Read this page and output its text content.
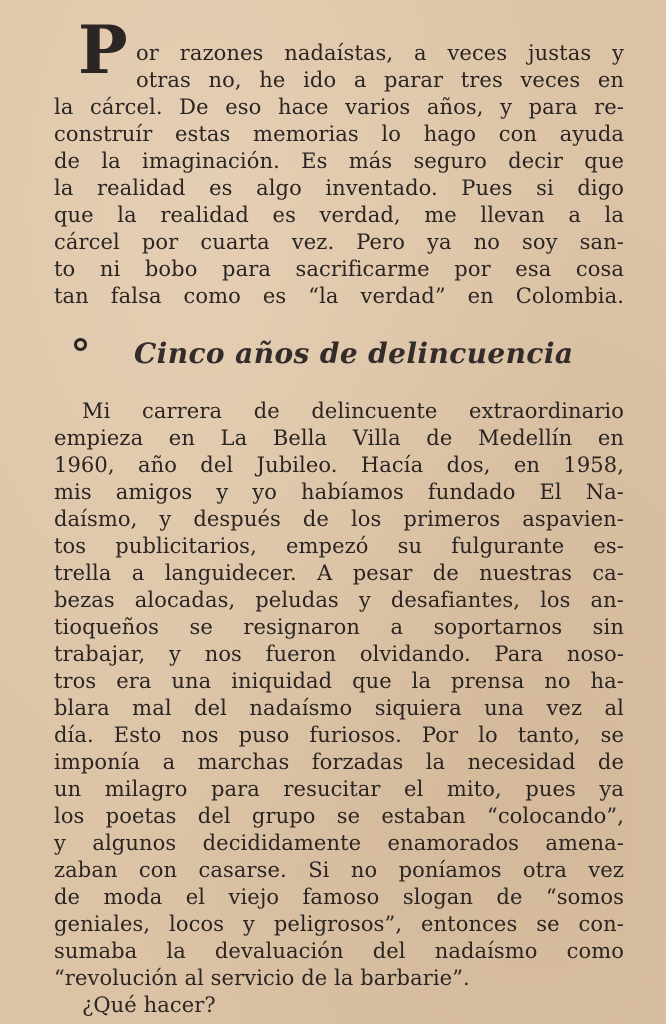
P or razones nadaístas, a veces justas y
otras no, he ido a parar tres veces en
la cárcel. De eso hace varios años, y para re-
construír estas memorias lo hago con ayuda
de la imaginación. Es más seguro decir que
la realidad es algo inventado. Pues si digo
que la realidad es verdad, me llevan a la
cárcel por cuarta vez. Pero ya no soy san-
to ni bobo para sacrificarme por esa cosa
tan falsa como es “la verdad” en Colombia.
Cinco años de delincuencia
Mi carrera de delincuente extraordinario
empieza en La Bella Villa de Medellín en
1960, año del Jubileo. Hacía dos, en 1958,
mis amigos y yo habíamos fundado El Na-
daísmo, y después de los primeros aspavien-
tos publicitarios, empezó su fulgurante es-
trella a languidecer. A pesar de nuestras ca-
bezas alocadas, peludas y desafiantes, los an-
tioqueños se resignaron a soportarnos sin
trabajar, y nos fueron olvidando. Para noso-
tros era una iniquidad que la prensa no ha-
blara mal del nadaísmo siquiera una vez al
día. Esto nos puso furiosos. Por lo tanto, se
imponía a marchas forzadas la necesidad de
un milagro para resucitar el mito, pues ya
los poetas del grupo se estaban “colocando”,
y algunos decididamente enamorados amena-
zaban con casarse. Si no poníamos otra vez
de moda el viejo famoso slogan de “somos
geniales, locos y peligrosos”, entonces se con-
sumaba la devaluación del nadaísmo como
“revolución al servicio de la barbarie”.
¿Qué hacer?
